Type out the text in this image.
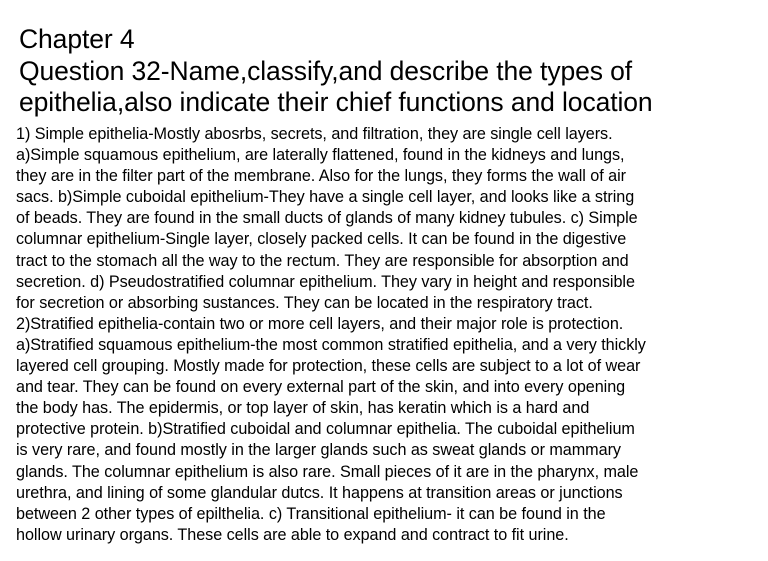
Chapter 4
Question 32-Name,classify,and describe the types of
epithelia,also indicate their chief functions and location
1) Simple epithelia-Mostly abosrbs, secrets, and filtration, they are single cell layers.
a)Simple squamous epithelium, are laterally flattened, found in the kidneys and lungs,
they are in the filter part of the membrane. Also for the lungs, they forms the wall of air
sacs. b)Simple cuboidal epithelium-They have a single cell layer, and looks like a string
of beads. They are found in the small ducts of glands of many kidney tubules. c) Simple
columnar epithelium-Single layer, closely packed cells. It can be found in the digestive
tract to the stomach all the way to the rectum. They are responsible for absorption and
secretion. d) Pseudostratified columnar epithelium. They vary in height and responsible
for secretion or absorbing sustances. They can be located in the respiratory tract.
2)Stratified epithelia-contain two or more cell layers, and their major role is protection.
a)Stratified squamous epithelium-the most common stratified epithelia, and a very thickly
layered cell grouping. Mostly made for protection, these cells are subject to a lot of wear
and tear. They can be found on every external part of the skin, and into every opening
the body has. The epidermis, or top layer of skin, has keratin which is a hard and
protective protein. b)Stratified cuboidal and columnar epithelia. The cuboidal epithelium
is very rare, and found mostly in the larger glands such as sweat glands or mammary
glands. The columnar epithelium is also rare. Small pieces of it are in the pharynx, male
urethra, and lining of some glandular dutcs. It happens at transition areas or junctions
between 2 other types of epilthelia. c) Transitional epithelium- it can be found in the
hollow urinary organs. These cells are able to expand and contract to fit urine.
